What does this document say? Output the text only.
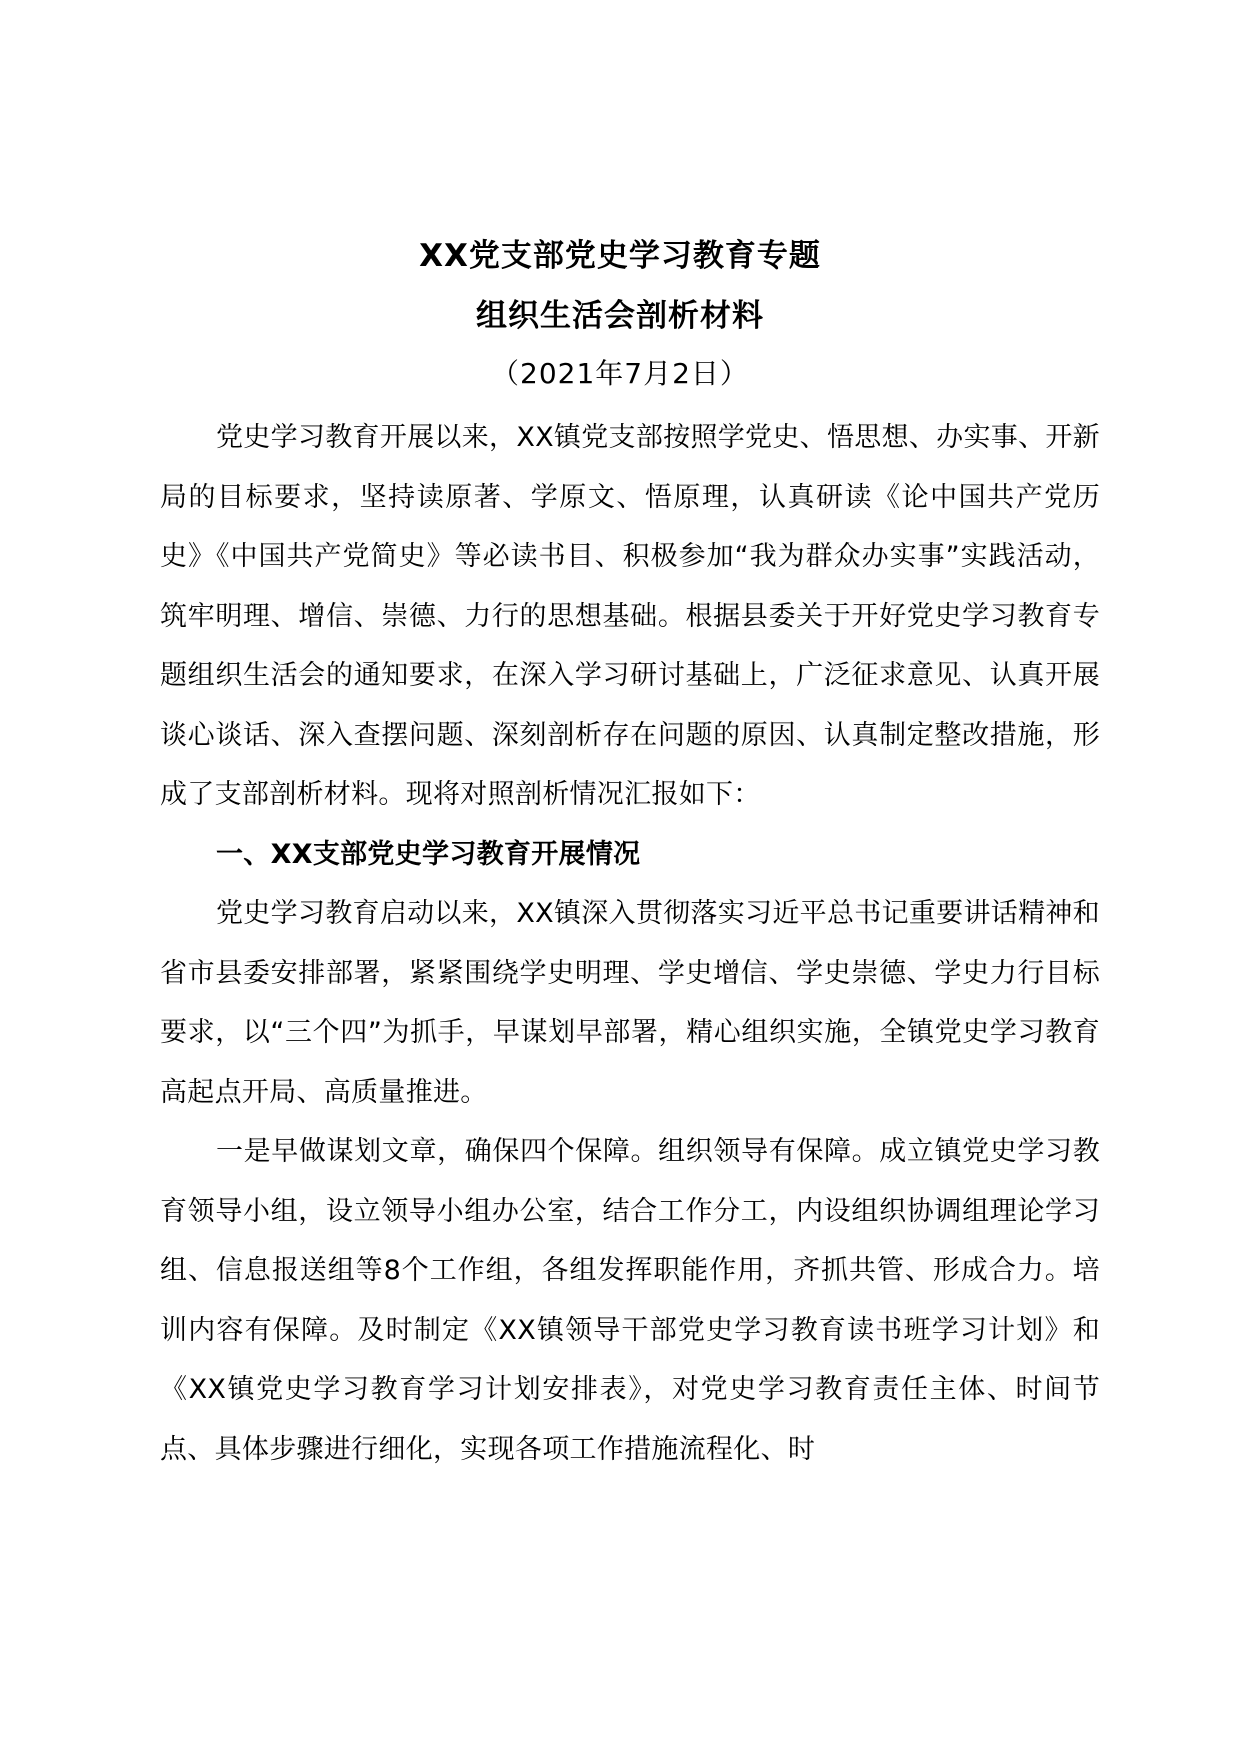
XX党支部党史学习教育专题
组织生活会剖析材料
（2021年7月2日）

党史学习教育开展以来，XX镇党支部按照学党史、悟思想、办实事、开新局的目标要求，坚持读原著、学原文、悟原理，认真研读《论中国共产党历史》《中国共产党简史》等必读书目、积极参加“我为群众办实事”实践活动，筑牢明理、增信、崇德、力行的思想基础。根据县委关于开好党史学习教育专题组织生活会的通知要求，在深入学习研讨基础上，广泛征求意见、认真开展谈心谈话、深入查摆问题、深刻剖析存在问题的原因、认真制定整改措施，形成了支部剖析材料。现将对照剖析情况汇报如下：

一、XX支部党史学习教育开展情况

党史学习教育启动以来，XX镇深入贯彻落实习近平总书记重要讲话精神和省市县委安排部署，紧紧围绕学史明理、学史增信、学史崇德、学史力行目标要求，以“三个四”为抓手，早谋划早部署，精心组织实施，全镇党史学习教育高起点开局、高质量推进。

一是早做谋划文章，确保四个保障。组织领导有保障。成立镇党史学习教育领导小组，设立领导小组办公室，结合工作分工，内设组织协调组理论学习组、信息报送组等8个工作组，各组发挥职能作用，齐抓共管、形成合力。培训内容有保障。及时制定《XX镇领导干部党史学习教育读书班学习计划》和《XX镇党史学习教育学习计划安排表》，对党史学习教育责任主体、时间节点、具体步骤进行细化，实现各项工作措施流程化、时
